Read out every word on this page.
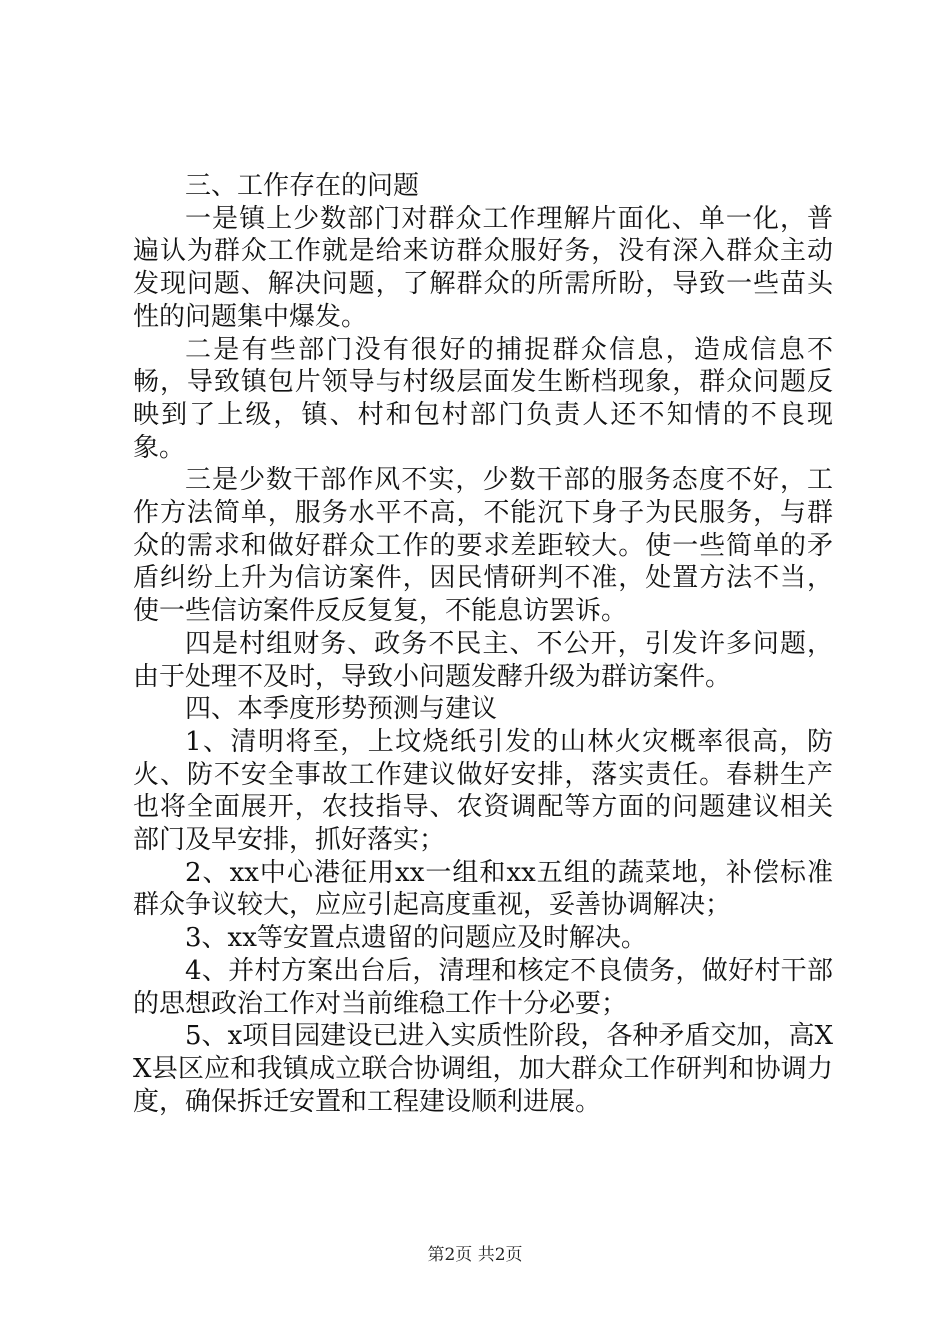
三、工作存在的问题

一是镇上少数部门对群众工作理解片面化、单一化，普遍认为群众工作就是给来访群众服好务，没有深入群众主动发现问题、解决问题，了解群众的所需所盼，导致一些苗头性的问题集中爆发。

二是有些部门没有很好的捕捉群众信息，造成信息不畅，导致镇包片领导与村级层面发生断档现象，群众问题反映到了上级，镇、村和包村部门负责人还不知情的不良现象。

三是少数干部作风不实，少数干部的服务态度不好，工作方法简单，服务水平不高，不能沉下身子为民服务，与群众的需求和做好群众工作的要求差距较大。使一些简单的矛盾纠纷上升为信访案件，因民情研判不准，处置方法不当，使一些信访案件反反复复，不能息访罢诉。

四是村组财务、政务不民主、不公开，引发许多问题，由于处理不及时，导致小问题发酵升级为群访案件。

四、本季度形势预测与建议

1、清明将至，上坟烧纸引发的山林火灾概率很高，防火、防不安全事故工作建议做好安排，落实责任。春耕生产也将全面展开，农技指导、农资调配等方面的问题建议相关部门及早安排，抓好落实；

2、xx中心港征用xx一组和xx五组的蔬菜地，补偿标准群众争议较大，应应引起高度重视，妥善协调解决；

3、xx等安置点遗留的问题应及时解决。

4、并村方案出台后，清理和核定不良债务，做好村干部的思想政治工作对当前维稳工作十分必要；

5、x项目园建设已进入实质性阶段，各种矛盾交加，高XX县区应和我镇成立联合协调组，加大群众工作研判和协调力度，确保拆迁安置和工程建设顺利进展。

第2页 共2页
